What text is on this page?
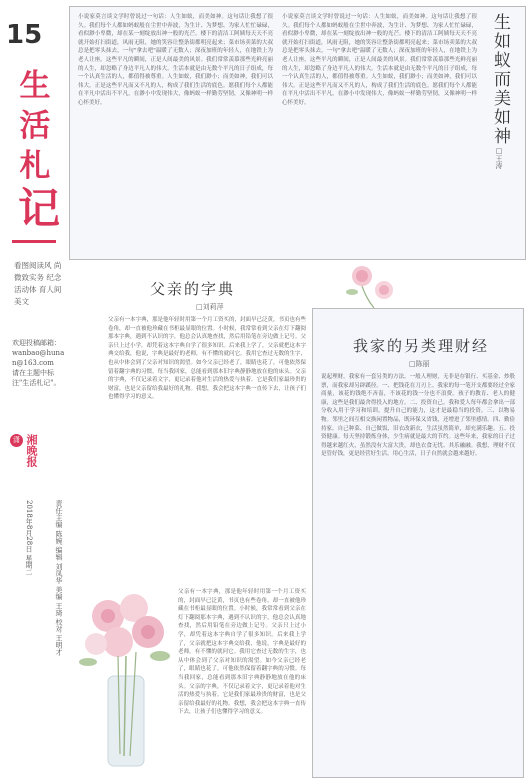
15
生
活
札
记
看图阅读风 尚微致实务 纪念活动体 育人间美文
欢迎投稿邮箱：
wanbao@hunan@163.com
请在主题中标注"生活札记"。
潇 湘晚报
2018年8月28日 星期二	责任主编 陈婉 编辑 刘凤华 美编 王琦 校对 王明才
生如蚁而美如神
□王涛
小说家莫言谈文学时曾说过一句话：人生如蚁，而美如神。这句话让我想了很久。我们每个人都如蚂蚁般在尘世中奔波，为生计、为梦想、为家人忙忙碌碌，看似渺小卑微，却在某一刻绽放出神一般的光芒。楼下的清洁工阿姨每天天不亮就开始打扫街道，风雨无阻，她的笑容让整条街都明亮起来；菜市场卖菜的大叔总是把零头抹去，一句"拿去吧"温暖了无数人；深夜加班的年轻人，在地铁上为老人让座。这些平凡的瞬间，正是人间最美的风景。我们常常羡慕那些光鲜亮丽的人生，却忽略了身边平凡人的伟大。生活本就是由无数个平凡的日子组成，每一个认真生活的人，都值得被尊重。人生如蚁，我们渺小；而美如神，我们可以伟大。正是这些平凡而又不凡的人，构成了我们生活的底色。愿我们每个人都能在平凡中活出不平凡，在渺小中发现伟大，像蚂蚁一样勤劳坚韧，又像神明一样心怀美好。
小说家莫言谈文学时曾说过一句话：人生如蚁，而美如神。这句话让我想了很久。我们每个人都如蚂蚁般在尘世中奔波，为生计、为梦想、为家人忙忙碌碌，看似渺小卑微，却在某一刻绽放出神一般的光芒。楼下的清洁工阿姨每天天不亮就开始打扫街道，风雨无阻，她的笑容让整条街都明亮起来；菜市场卖菜的大叔总是把零头抹去，一句"拿去吧"温暖了无数人；深夜加班的年轻人，在地铁上为老人让座。这些平凡的瞬间，正是人间最美的风景。我们常常羡慕那些光鲜亮丽的人生，却忽略了身边平凡人的伟大。生活本就是由无数个平凡的日子组成，每一个认真生活的人，都值得被尊重。人生如蚁，我们渺小；而美如神，我们可以伟大。正是这些平凡而又不凡的人，构成了我们生活的底色。愿我们每个人都能在平凡中活出不平凡，在渺小中发现伟大，像蚂蚁一样勤劳坚韧，又像神明一样心怀美好。
父亲的字典
□刘莉萍
父亲有一本字典，那是他年轻时用第一个月工资买的，封面早已泛黄，书页也有些卷角，却一直被他珍藏在书柜最显眼的位置。小时候，我常常看到父亲在灯下翻阅那本字典，遇到不认识的字，他总会认真地查找，然后用铅笔在旁边做上记号。父亲只上过小学，却凭着这本字典自学了很多知识。后来我上学了，父亲就把这本字典交给我，他说，字典是最好的老师，有不懂的就问它。我用它查过无数的生字，也从中体会到了父亲对知识的渴望。如今父亲已经老了，眼睛也花了，可他依然保留着翻字典的习惯。每当我回家，总能看到那本旧字典静静地放在他的床头。父亲的字典，不仅记录着文字，更记录着他对生活的热爱与执着。它是我们家最珍贵的财富，也是父亲留给我最好的礼物。我想，我会把这本字典一直传下去，让孩子们也懂得学习的意义。
父亲有一本字典，那是他年轻时用第一个月工资买的，封面早已泛黄，书页也有些卷角，却一直被他珍藏在书柜最显眼的位置。小时候，我常常看到父亲在灯下翻阅那本字典，遇到不认识的字，他总会认真地查找，然后用铅笔在旁边做上记号。父亲只上过小学，却凭着这本字典自学了很多知识。后来我上学了，父亲就把这本字典交给我，他说，字典是最好的老师，有不懂的就问它。我用它查过无数的生字，也从中体会到了父亲对知识的渴望。如今父亲已经老了，眼睛也花了，可他依然保留着翻字典的习惯。每当我回家，总能看到那本旧字典静静地放在他的床头。父亲的字典，不仅记录着文字，更记录着他对生活的热爱与执着。它是我们家最珍贵的财富，也是父亲留给我最好的礼物。我想，我会把这本字典一直传下去，让孩子们也懂得学习的意义。
我家的另类理财经
□陈丽
说起理财，我家有一套另类的方法。一般人理财，无非是存银行、买基金、炒股票，而我家却另辟蹊径。一、把钱花在刀刃上。我家的每一笔开支都要经过全家商量，该花的钱绝不吝啬，不该花的钱一分也不浪费。孩子的教育、老人的健康，这些是我们最舍得投入的地方。二、投资自己。我和爱人每年都会拿出一部分收入用于学习和培训，提升自己的能力，这才是最稳当的投资。三、以物易物。邻里之间互相交换闲置物品，既环保又省钱，还增进了邻里感情。四、勤俭持家。自己种菜、自己做饭、旧衣改新衣，生活虽然简单，却充满乐趣。五、投资健康。每天坚持锻炼身体，少生病就是最大的节约。这些年来，我家的日子过得越来越红火，虽然没有大富大贵，却也衣食无忧、其乐融融。我想，理财不仅是管好钱，更是经营好生活。用心生活，日子自然就会越来越好。
